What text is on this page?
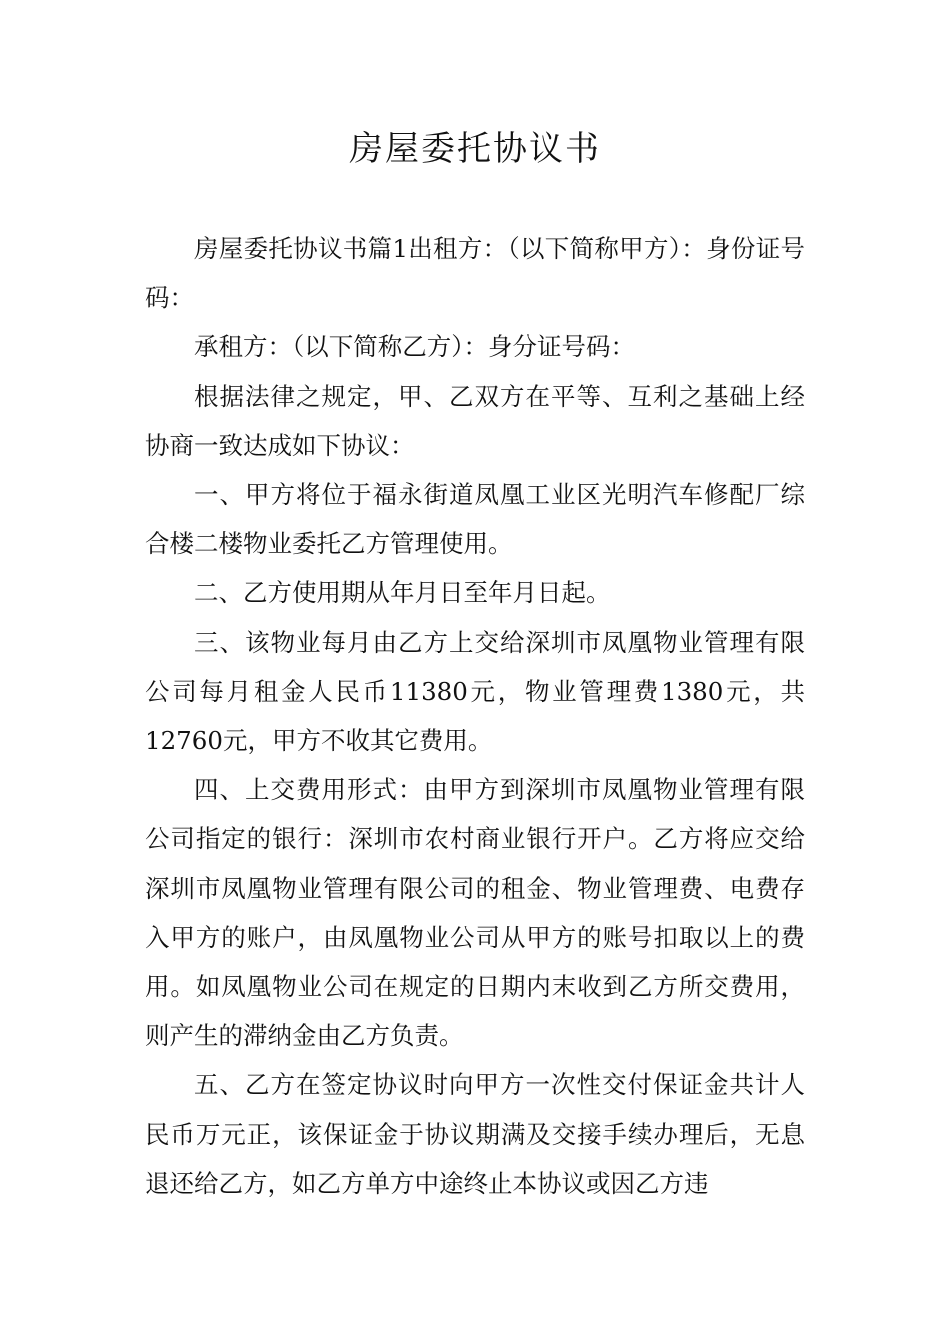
房屋委托协议书

房屋委托协议书篇1出租方：（以下简称甲方）：身份证号码：

承租方：（以下简称乙方）：身分证号码：

根据法律之规定，甲、乙双方在平等、互利之基础上经协商一致达成如下协议：

一、甲方将位于福永街道凤凰工业区光明汽车修配厂综合楼二楼物业委托乙方管理使用。

二、乙方使用期从年月日至年月日起。

三、该物业每月由乙方上交给深圳市凤凰物业管理有限公司每月租金人民币11380元，物业管理费1380元，共12760元，甲方不收其它费用。

四、上交费用形式：由甲方到深圳市凤凰物业管理有限公司指定的银行：深圳市农村商业银行开户。乙方将应交给深圳市凤凰物业管理有限公司的租金、物业管理费、电费存入甲方的账户，由凤凰物业公司从甲方的账号扣取以上的费用。如凤凰物业公司在规定的日期内末收到乙方所交费用，则产生的滞纳金由乙方负责。

五、乙方在签定协议时向甲方一次性交付保证金共计人民币万元正，该保证金于协议期满及交接手续办理后，无息退还给乙方，如乙方单方中途终止本协议或因乙方违
